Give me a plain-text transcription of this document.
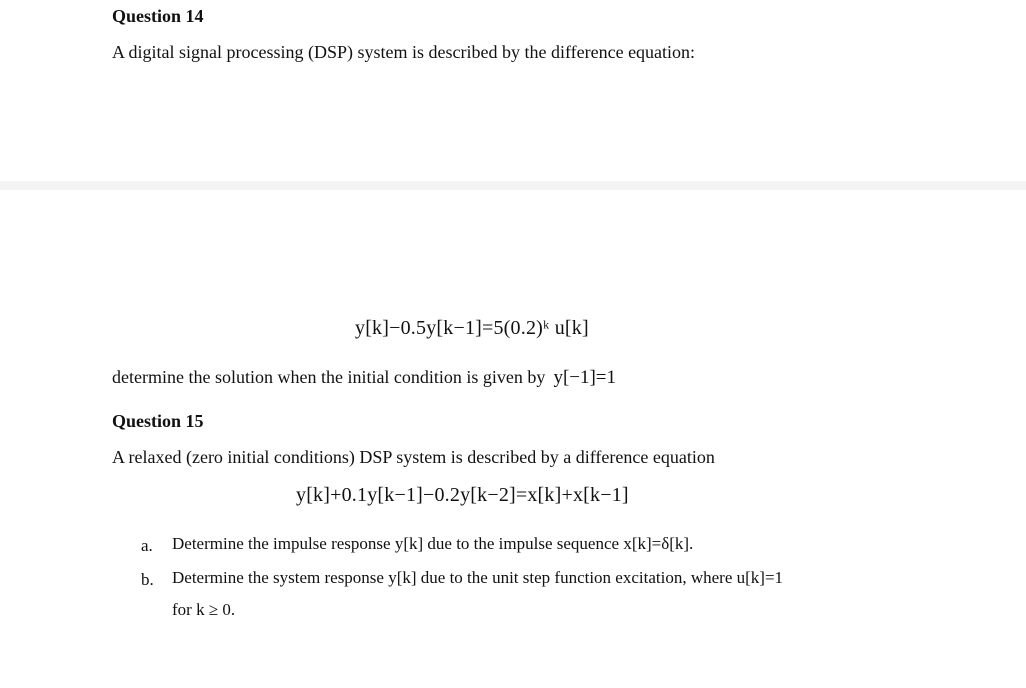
Question 14
A digital signal processing (DSP) system is described by the difference equation:
y[k]−0.5y[k−1]=5(0.2)ᵏ u[k]
determine the solution when the initial condition is given by y[−1]=1
Question 15
A relaxed (zero initial conditions) DSP system is described by a difference equation
y[k]+0.1y[k−1]−0.2y[k−2]=x[k]+x[k−1]
a. Determine the impulse response y[k] due to the impulse sequence x[k]=δ[k].
b. Determine the system response y[k] due to the unit step function excitation, where u[k]=1
for k ≥ 0.
